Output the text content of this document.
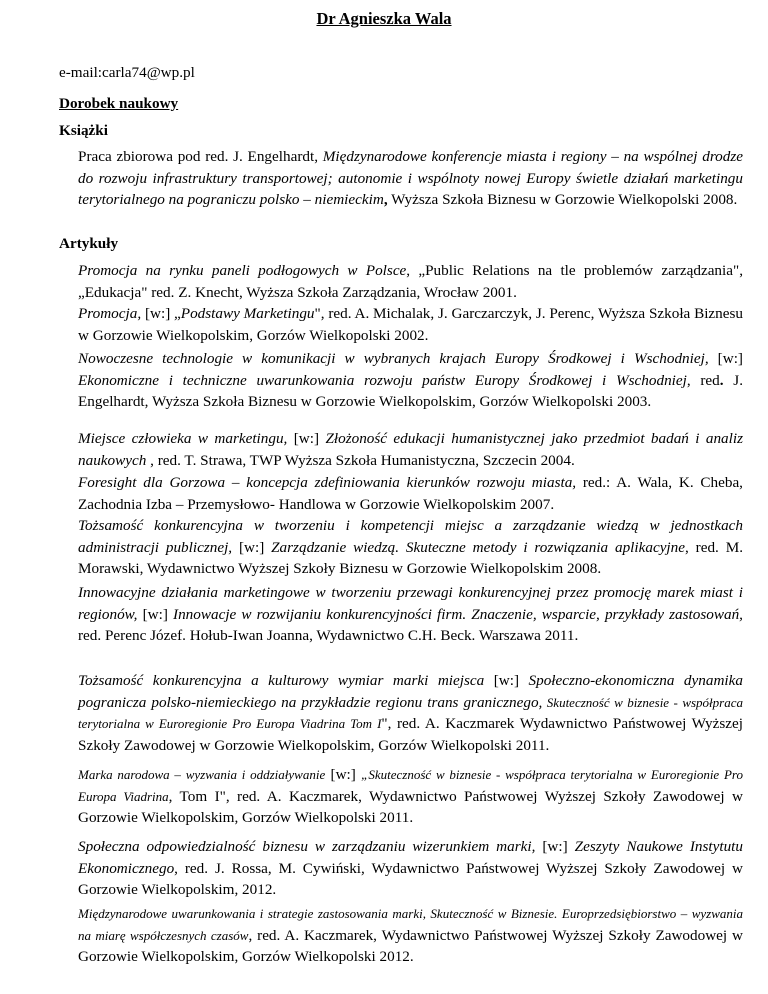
Dr Agnieszka Wala
e-mail:carla74@wp.pl
Dorobek naukowy
Książki
Praca zbiorowa pod red. J. Engelhardt, Międzynarodowe konferencje miasta i regiony – na wspólnej drodze do rozwoju infrastruktury transportowej; autonomie i wspólnoty nowej Europy świetle działań marketingu terytorialnego na pograniczu polsko – niemieckim, Wyższa Szkoła Biznesu w Gorzowie Wielkopolski 2008.
Artykuły
Promocja na rynku paneli podłogowych w Polsce, „Public Relations na tle problemów zarządzania", „Edukacja" red. Z. Knecht, Wyższa Szkoła Zarządzania, Wrocław 2001.
Promocja, [w:] „Podstawy Marketingu", red. A. Michalak, J. Garczarczyk, J. Perenc, Wyższa Szkoła Biznesu w Gorzowie Wielkopolskim, Gorzów Wielkopolski 2002.
Nowoczesne technologie w komunikacji w wybranych krajach Europy Środkowej i Wschodniej, [w:] Ekonomiczne i techniczne uwarunkowania rozwoju państw Europy Środkowej i Wschodniej, red. J. Engelhardt, Wyższa Szkoła Biznesu w Gorzowie Wielkopolskim, Gorzów Wielkopolski 2003.
Miejsce człowieka w marketingu, [w:] Złożoność edukacji humanistycznej jako przedmiot badań i analiz naukowych , red. T. Strawa, TWP Wyższa Szkoła Humanistyczna, Szczecin 2004.
Foresight dla Gorzowa – koncepcja zdefiniowania kierunków rozwoju miasta, red.: A. Wala, K. Cheba, Zachodnia Izba – Przemysłowo- Handlowa w Gorzowie Wielkopolskim 2007.
Tożsamość konkurencyjna w tworzeniu i kompetencji miejsc a zarządzanie wiedzą w jednostkach administracji publicznej, [w:] Zarządzanie wiedzą. Skuteczne metody i rozwiązania aplikacyjne, red. M. Morawski, Wydawnictwo Wyższej Szkoły Biznesu w Gorzowie Wielkopolskim 2008.
Innowacyjne działania marketingowe w tworzeniu przewagi konkurencyjnej przez promocję marek miast i regionów, [w:] Innowacje w rozwijaniu konkurencyjności firm. Znaczenie, wsparcie, przykłady zastosowań, red. Perenc Józef. Hołub-Iwan Joanna, Wydawnictwo C.H. Beck. Warszawa 2011.
Tożsamość konkurencyjna a kulturowy wymiar marki miejsca [w:] Społeczno-ekonomiczna dynamika pogranicza polsko-niemieckiego na przykładzie regionu trans granicznego, Skuteczność w biznesie - współpraca terytorialna w Euroregionie Pro Europa Viadrina Tom I", red. A. Kaczmarek Wydawnictwo Państwowej Wyższej Szkoły Zawodowej w Gorzowie Wielkopolskim, Gorzów Wielkopolski 2011.
Marka narodowa – wyzwania i oddziaływanie [w:] „Skuteczność w biznesie - współpraca terytorialna w Euroregionie Pro Europa Viadrina, Tom I", red. A. Kaczmarek, Wydawnictwo Państwowej Wyższej Szkoły Zawodowej w Gorzowie Wielkopolskim, Gorzów Wielkopolski 2011.
Społeczna odpowiedzialność biznesu w zarządzaniu wizerunkiem marki, [w:] Zeszyty Naukowe Instytutu Ekonomicznego, red. J. Rossa, M. Cywiński, Wydawnictwo Państwowej Wyższej Szkoły Zawodowej w Gorzowie Wielkopolskim, 2012.
Międzynarodowe uwarunkowania i strategie zastosowania marki, Skuteczność w Biznesie. Europrzedsiębiorstwo – wyzwania na miarę współczesnych czasów, red. A. Kaczmarek, Wydawnictwo Państwowej Wyższej Szkoły Zawodowej w Gorzowie Wielkopolskim, Gorzów Wielkopolski 2012.
